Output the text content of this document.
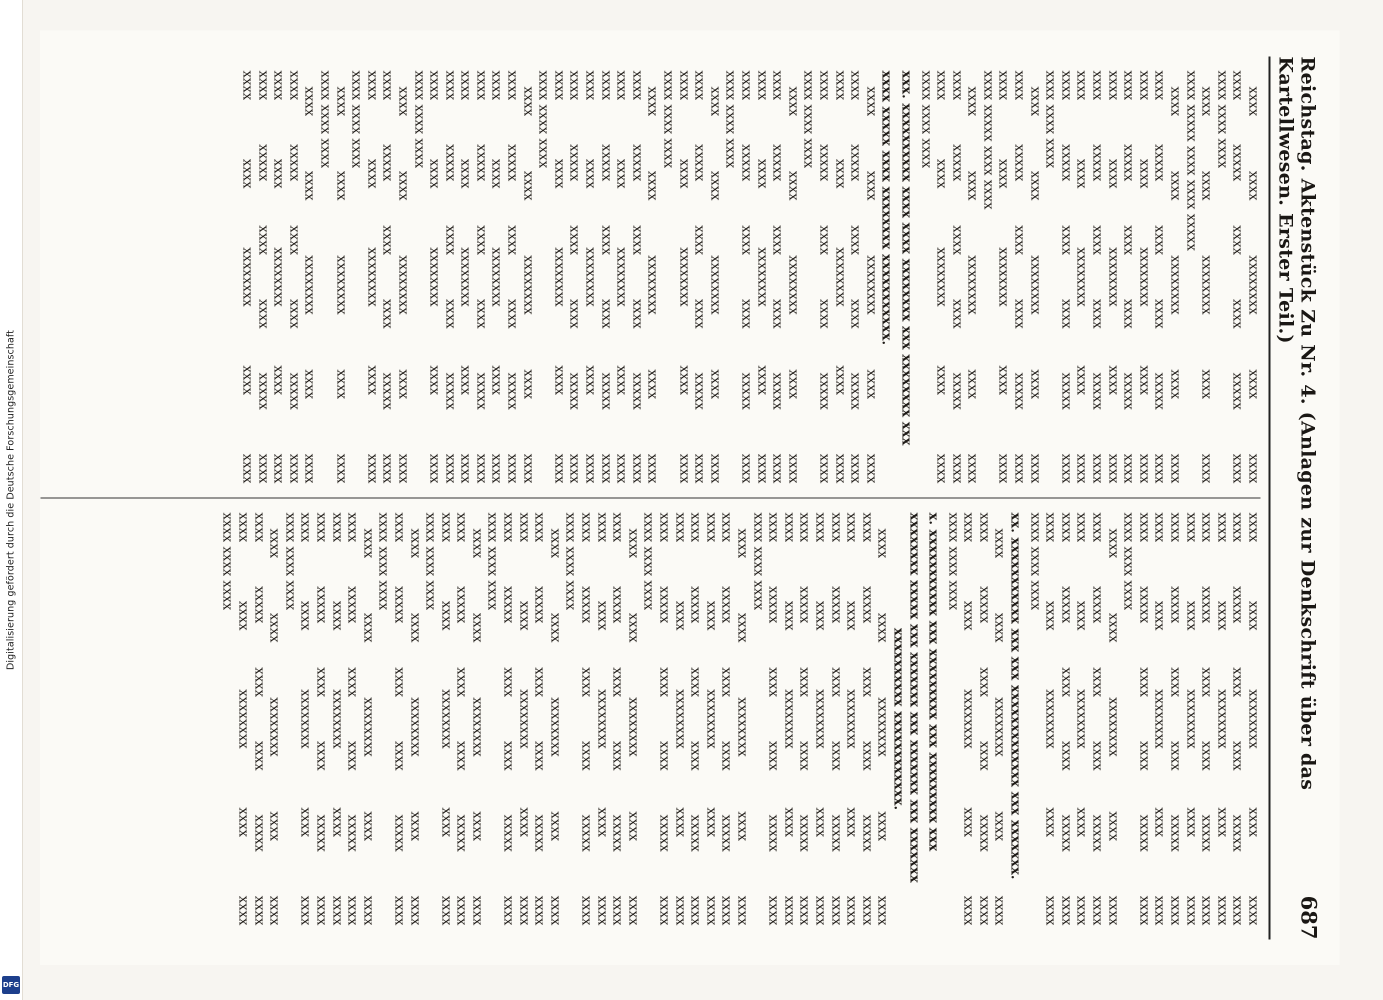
Digitalisierung gefördert durch die Deutsche Forschungsgemeinschaft
DFG
Reichstag. Aktenstück Zu Nr. 4. (Anlagen zur Denkschrift über das Kartellwesen. Erster Teil.)
687
xxxx xxxx xxxxxxxx xxxx xxxx
xxxx xxxxx xxxx xxxx xxxxx xxxx
xxxx xxxx xxxx
xxxx xxxx xxxxxxxx xxxx xxxx
xxxx xxxxx xxxx xxxx xxxxx
xxxx xxxx xxxxxxxx xxxx xxxx
xxxx xxxxx xxxx xxxx xxxxx xxxx
xxxx xxxx xxxxxxxx xxxx xxxx
xxxx xxxxx xxxx xxxx xxxxx xxxx
xxxx xxxx xxxxxxxx xxxx xxxx
xxxx xxxxx xxxx xxxx xxxxx xxxx
xxxx xxxx xxxxxxxx xxxx xxxx
xxxx xxxxx xxxx xxxx xxxxx xxxx
xxxx xxxx xxxx
xxxx xxxx xxxxxxxx xxxx xxxx
xxxx xxxxx xxxx xxxx xxxxx xxxx
xxxx xxxx xxxxxxxx xxxx xxxx
xxxx xxxxx xxxx xxxx
xxxx xxxx xxxxxxxx xxxx xxxx
xxxx xxxxx xxxx xxxx xxxxx xxxx
xxxx xxxx xxxxxxxx xxxx xxxx
xxxx xxxx xxxx
xxx. xxxxxxxxxx xxxx xxxx xxxxxxxx xxx xxxxxxxx xxx
xxxx xxxxx xxxx xxxxxxxx xxxxxxxxxxx.
xxxx xxxx xxxxxxxx xxxx xxxx
xxxx xxxxx xxxx xxxx xxxxx xxxx
xxxx xxxx xxxxxxxx xxxx xxxx
xxxx xxxxx xxxx xxxx xxxxx xxxx
xxxx xxxx xxxx
xxxx xxxx xxxxxxxx xxxx xxxx
xxxx xxxxx xxxx xxxx xxxxx xxxx
xxxx xxxx xxxxxxxx xxxx xxxx
xxxx xxxxx xxxx xxxx xxxxx xxxx
xxxx xxxx xxxx
xxxx xxxx xxxxxxxx xxxx xxxx
xxxx xxxxx xxxx xxxx xxxxx xxxx
xxxx xxxx xxxxxxxx xxxx xxxx
xxxx xxxx xxxx
xxxx xxxx xxxxxxxx xxxx xxxx
xxxx xxxxx xxxx xxxx xxxxx xxxx
xxxx xxxx xxxxxxxx xxxx xxxx
xxxx xxxxx xxxx xxxx xxxxx xxxx
xxxx xxxx xxxxxxxx xxxx xxxx
xxxx xxxxx xxxx xxxx xxxxx xxxx
xxxx xxxx xxxxxxxx xxxx xxxx
xxxx xxxx xxxx
xxxx xxxx xxxxxxxx xxxx xxxx
xxxx xxxxx xxxx xxxx xxxxx xxxx
xxxx xxxx xxxxxxxx xxxx xxxx
xxxx xxxxx xxxx xxxx xxxxx xxxx
xxxx xxxx xxxxxxxx xxxx xxxx
xxxx xxxxx xxxx xxxx xxxxx xxxx
xxxx xxxx xxxxxxxx xxxx xxxx
xxxx xxxx xxxx
xxxx xxxx xxxxxxxx xxxx xxxx
xxxx xxxxx xxxx xxxx xxxxx xxxx
xxxx xxxx xxxxxxxx xxxx xxxx
xxxx xxxx xxxx
xxxx xxxx xxxxxxxx xxxx xxxx
xxxx xxxx xxxx
xxxx xxxx xxxxxxxx xxxx xxxx
xxxx xxxxx xxxx xxxx xxxxx xxxx
xxxx xxxx xxxxxxxx xxxx xxxx
xxxx xxxxx xxxx xxxx xxxxx xxxx
xxxx xxxx xxxxxxxx xxxx xxxx
xxxx xxxx xxxxxxxx xxxx xxxx
xxxx xxxxx xxxx xxxx xxxxx xxxx
xxxx xxxx xxxxxxxx xxxx xxxx
xxxx xxxxx xxxx xxxx xxxxx xxxx
xxxx xxxx xxxxxxxx xxxx xxxx
xxxx xxxxx xxxx xxxx xxxxx xxxx
xxxx xxxx xxxxxxxx xxxx xxxx
xxxx xxxxx xxxx xxxx xxxxx xxxx
xxxx xxxx xxxx
xxxx xxxx xxxxxxxx xxxx xxxx
xxxx xxxxx xxxx xxxx xxxxx xxxx
xxxx xxxx xxxxxxxx xxxx xxxx
xxxx xxxxx xxxx xxxx xxxxx xxxx
xxxx xxxx xxxxxxxx xxxx xxxx
xxxx xxxx xxxx
xx. xxxxxxxxxxx xxx xxx xxxxxxxxxxxxx xxx xxxxxxx.
xxxx xxxx xxxxxxxx xxxx xxxx
xxxx xxxxx xxxx xxxx xxxxx xxxx
xxxx xxxx xxxxxxxx xxxx xxxx
xxxx xxxx xxxx
x. xxxxxxxxxxx xxx xxxxxxxxx xxx xxxxxxxxx xxx
xxxxxxxx xxxxx xxx xxxxxxx xxx xxxxxxx xxx xxxxxxx
xxxxxxxxxx xxxxxxxxxxxx.
xxxx xxxx xxxxxxxx xxxx xxxx
xxxx xxxxx xxxx xxxx xxxxx xxxx
xxxx xxxx xxxxxxxx xxxx xxxx
xxxx xxxxx xxxx xxxx xxxxx xxxx
xxxx xxxx xxxxxxxx xxxx xxxx
xxxx xxxxx xxxx xxxx xxxxx xxxx
xxxx xxxx xxxxxxxx xxxx xxxx
xxxx xxxxx xxxx xxxx xxxxx xxxx
xxxx xxxx xxxx
xxxx xxxx xxxxxxxx xxxx xxxx
xxxx xxxxx xxxx xxxx xxxxx xxxx
xxxx xxxx xxxxxxxx xxxx xxxx
xxxx xxxxx xxxx xxxx xxxxx xxxx
xxxx xxxx xxxxxxxx xxxx xxxx
xxxx xxxxx xxxx xxxx xxxxx xxxx
xxxx xxxx xxxx
xxxx xxxx xxxxxxxx xxxx xxxx
xxxx xxxxx xxxx xxxx xxxxx xxxx
xxxx xxxx xxxxxxxx xxxx xxxx
xxxx xxxxx xxxx xxxx xxxxx xxxx
xxxx xxxx xxxx
xxxx xxxx xxxxxxxx xxxx xxxx
xxxx xxxxx xxxx xxxx xxxxx xxxx
xxxx xxxx xxxxxxxx xxxx xxxx
xxxx xxxxx xxxx xxxx xxxxx xxxx
xxxx xxxx xxxx
xxxx xxxx xxxxxxxx xxxx xxxx
xxxx xxxxx xxxx xxxx xxxxx xxxx
xxxx xxxx xxxxxxxx xxxx xxxx
xxxx xxxx xxxx
xxxx xxxx xxxxxxxx xxxx xxxx
xxxx xxxxx xxxx xxxx xxxxx xxxx
xxxx xxxx xxxx
xxxx xxxx xxxxxxxx xxxx xxxx
xxxx xxxxx xxxx xxxx xxxxx xxxx
xxxx xxxx xxxxxxxx xxxx xxxx
xxxx xxxxx xxxx xxxx xxxxx xxxx
xxxx xxxx xxxxxxxx xxxx xxxx
xxxx xxxx xxxx
xxxx xxxx xxxxxxxx xxxx xxxx
xxxx xxxxx xxxx xxxx xxxxx xxxx
xxxx xxxx xxxxxxxx xxxx xxxx
xxxx xxxx xxxx
